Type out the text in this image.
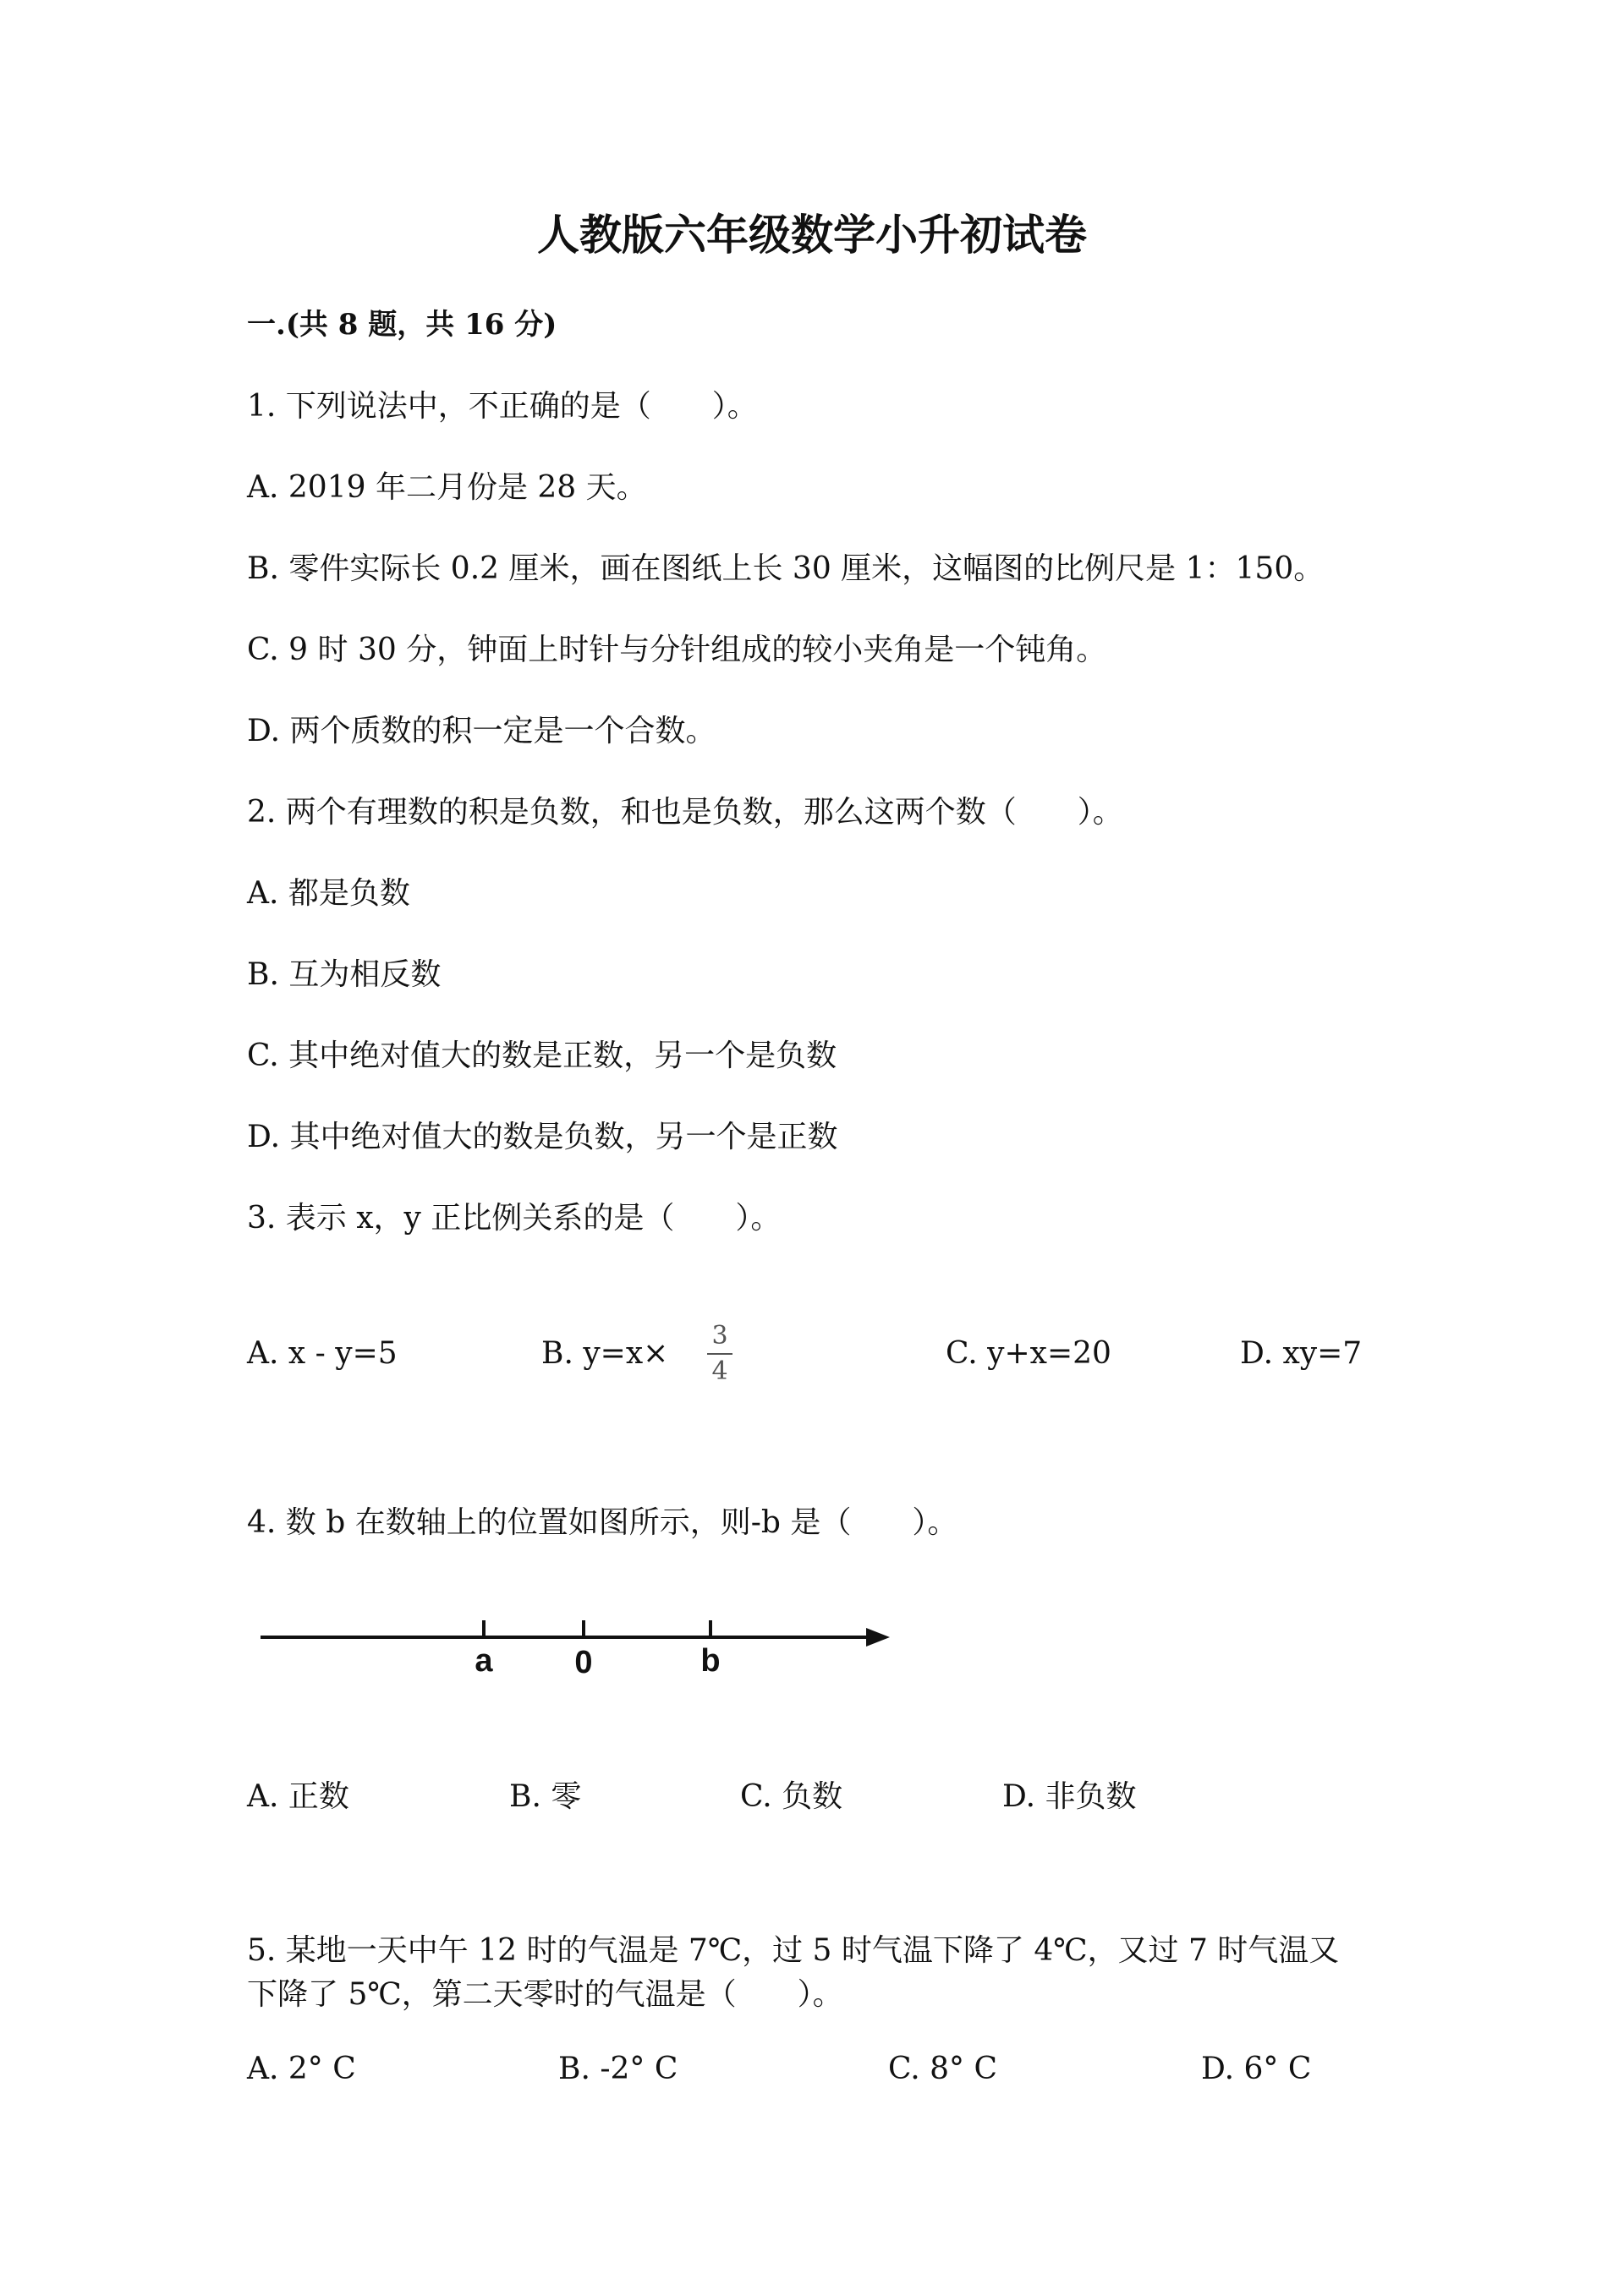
人教版六年级数学小升初试卷
一.(共 8 题，共 16 分)
1. 下列说法中，不正确的是（　　）。
A. 2019 年二月份是 28 天。
B. 零件实际长 0.2 厘米，画在图纸上长 30 厘米，这幅图的比例尺是 1：150。
C. 9 时 30 分，钟面上时针与分针组成的较小夹角是一个钝角。
D. 两个质数的积一定是一个合数。
2. 两个有理数的积是负数，和也是负数，那么这两个数（　　）。
A. 都是负数
B. 互为相反数
C. 其中绝对值大的数是正数，另一个是负数
D. 其中绝对值大的数是负数，另一个是正数
3. 表示 x，y 正比例关系的是（　　）。
A. x - y=5	B. y=x×
3
4
C. y+x=20	D. xy=7
4. 数 b 在数轴上的位置如图所示，则-b 是（　　）。
a	0	b
A. 正数	B. 零	C. 负数	D. 非负数
5. 某地一天中午 12 时的气温是 7℃，过 5 时气温下降了 4℃，又过 7 时气温又
下降了 5℃，第二天零时的气温是（　　）。
A. 2° C	B. -2° C	C. 8° C	D. 6° C
